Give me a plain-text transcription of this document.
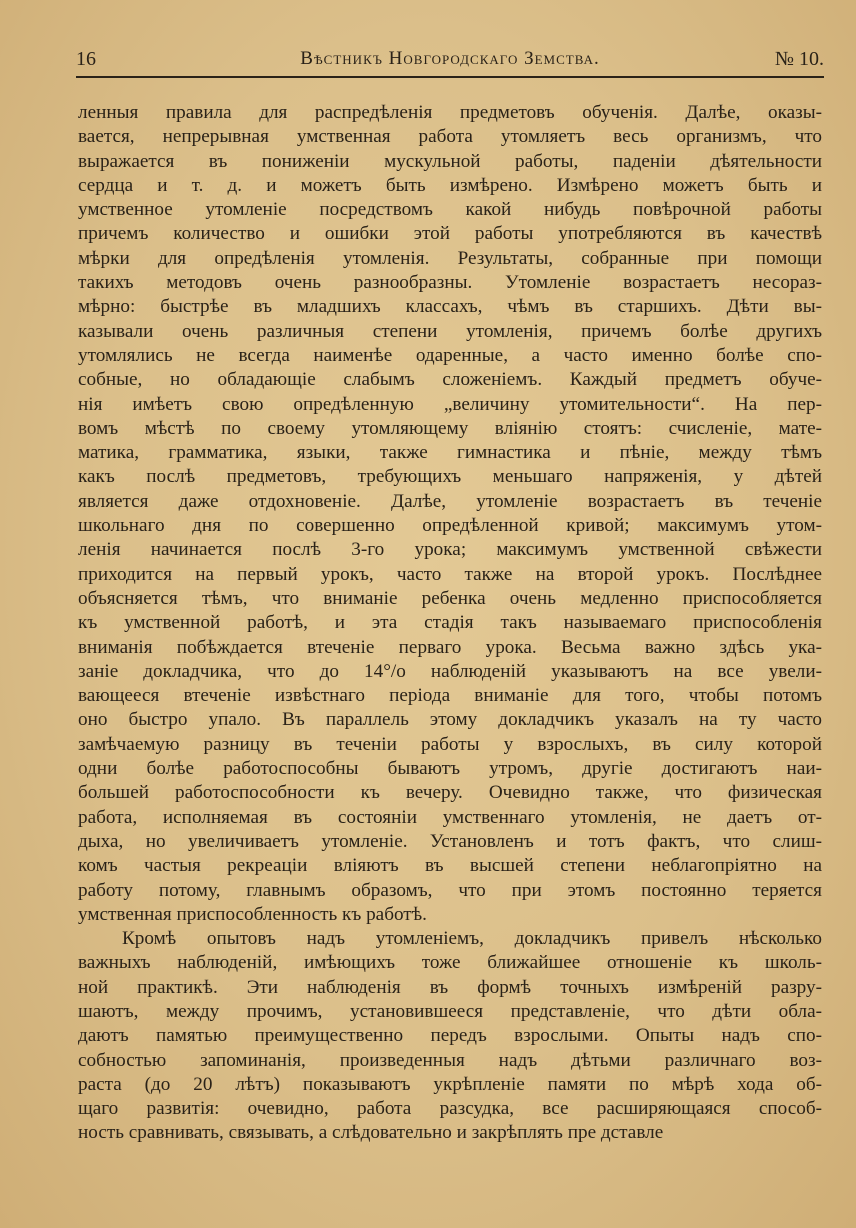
16	Вѣстникъ Новгородскаго Земства.	№ 10.
ленныя правила для распредѣленія предметовъ обученія. Далѣе, оказы-
вается, непрерывная умственная работа утомляетъ весь организмъ, что
выражается въ пониженіи мускульной работы, паденіи дѣятельности
сердца и т. д. и можетъ быть измѣрено. Измѣрено можетъ быть и
умственное утомленіе посредствомъ какой нибудь повѣрочной работы
причемъ количество и ошибки этой работы употребляются въ качествѣ
мѣрки для опредѣленія утомленія. Результаты, собранные при помощи
такихъ методовъ очень разнообразны. Утомленіе возрастаетъ несораз-
мѣрно: быстрѣе въ младшихъ классахъ, чѣмъ въ старшихъ. Дѣти вы-
казывали очень различныя степени утомленія, причемъ болѣе другихъ
утомлялись не всегда наименѣе одаренные, а часто именно болѣе спо-
собные, но обладающіе слабымъ сложеніемъ. Каждый предметъ обуче-
нія имѣетъ свою опредѣленную „величину утомительности“. На пер-
вомъ мѣстѣ по своему утомляющему вліянію стоятъ: счисленіе, мате-
матика, грамматика, языки, также гимнастика и пѣніе, между тѣмъ
какъ послѣ предметовъ, требующихъ меньшаго напряженія, у дѣтей
является даже отдохновеніе. Далѣе, утомленіе возрастаетъ въ теченіе
школьнаго дня по совершенно опредѣленной кривой; максимумъ утом-
ленія начинается послѣ 3-го урока; максимумъ умственной свѣжести
приходится на первый урокъ, часто также на второй урокъ. Послѣднее
объясняется тѣмъ, что вниманіе ребенка очень медленно приспособляется
къ умственной работѣ, и эта стадія такъ называемаго приспособленія
вниманія побѣждается втеченіе перваго урока. Весьма важно здѣсь ука-
заніе докладчика, что до 14°/о наблюденій указываютъ на все увели-
вающееся втеченіе извѣстнаго періода вниманіе для того, чтобы потомъ
оно быстро упало. Въ параллель этому докладчикъ указалъ на ту часто
замѣчаемую разницу въ теченіи работы у взрослыхъ, въ силу которой
одни болѣе работоспособны бываютъ утромъ, другіе достигаютъ наи-
большей работоспособности къ вечеру. Очевидно также, что физическая
работа, исполняемая въ состояніи умственнаго утомленія, не даетъ от-
дыха, но увеличиваетъ утомленіе. Установленъ и тотъ фактъ, что слиш-
комъ частыя рекреаціи вліяютъ въ высшей степени неблагопріятно на
работу потому, главнымъ образомъ, что при этомъ постоянно теряется
умственная приспособленность къ работѣ.
Кромѣ опытовъ надъ утомленіемъ, докладчикъ привелъ нѣсколько
важныхъ наблюденій, имѣющихъ тоже ближайшее отношеніе къ школь-
ной практикѣ. Эти наблюденія въ формѣ точныхъ измѣреній разру-
шаютъ, между прочимъ, установившееся представленіе, что дѣти обла-
даютъ памятью преимущественно передъ взрослыми. Опыты надъ спо-
собностью запоминанія, произведенныя надъ дѣтьми различнаго воз-
раста (до 20 лѣтъ) показываютъ укрѣпленіе памяти по мѣрѣ хода об-
щаго развитія: очевидно, работа разсудка, все расширяющаяся способ-
ность сравнивать, связывать, а слѣдовательно и закрѣплять пре дставле
